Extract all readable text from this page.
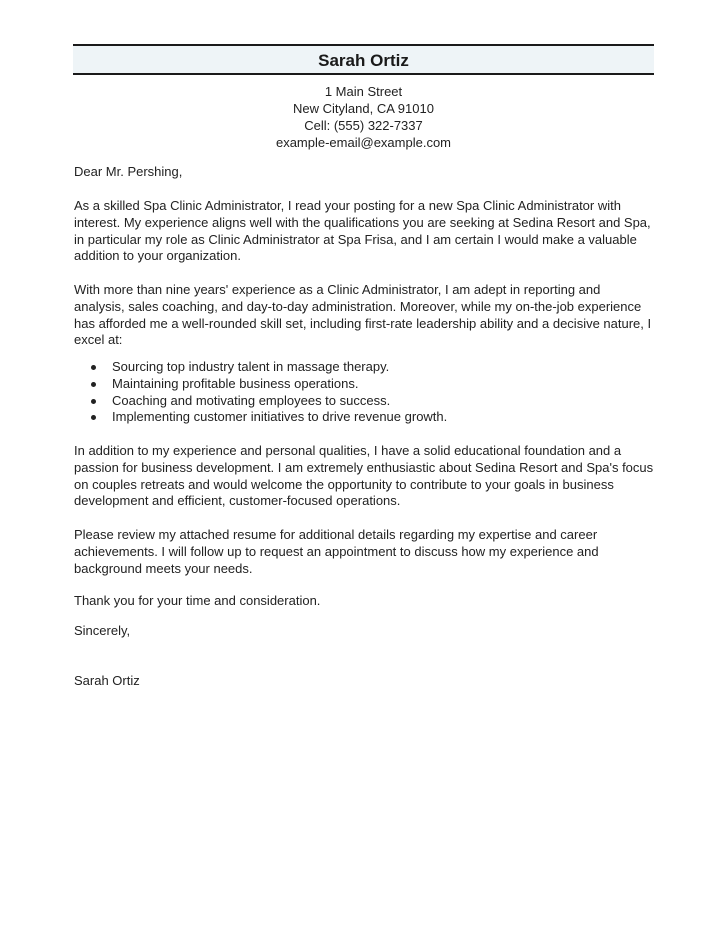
Sarah Ortiz
1 Main Street
New Cityland, CA 91010
Cell: (555) 322-7337
example-email@example.com

Dear Mr. Pershing,

As a skilled Spa Clinic Administrator, I read your posting for a new Spa Clinic Administrator with interest. My experience aligns well with the qualifications you are seeking at Sedina Resort and Spa, in particular my role as Clinic Administrator at Spa Frisa, and I am certain I would make a valuable addition to your organization.

With more than nine years' experience as a Clinic Administrator, I am adept in reporting and analysis, sales coaching, and day-to-day administration. Moreover, while my on-the-job experience has afforded me a well-rounded skill set, including first-rate leadership ability and a decisive nature, I excel at:

Sourcing top industry talent in massage therapy.
Maintaining profitable business operations.
Coaching and motivating employees to success.
Implementing customer initiatives to drive revenue growth.

In addition to my experience and personal qualities, I have a solid educational foundation and a passion for business development. I am extremely enthusiastic about Sedina Resort and Spa's focus on couples retreats and would welcome the opportunity to contribute to your goals in business development and efficient, customer-focused operations.

Please review my attached resume for additional details regarding my expertise and career achievements. I will follow up to request an appointment to discuss how my experience and background meets your needs.

Thank you for your time and consideration.

Sincerely,

Sarah Ortiz
